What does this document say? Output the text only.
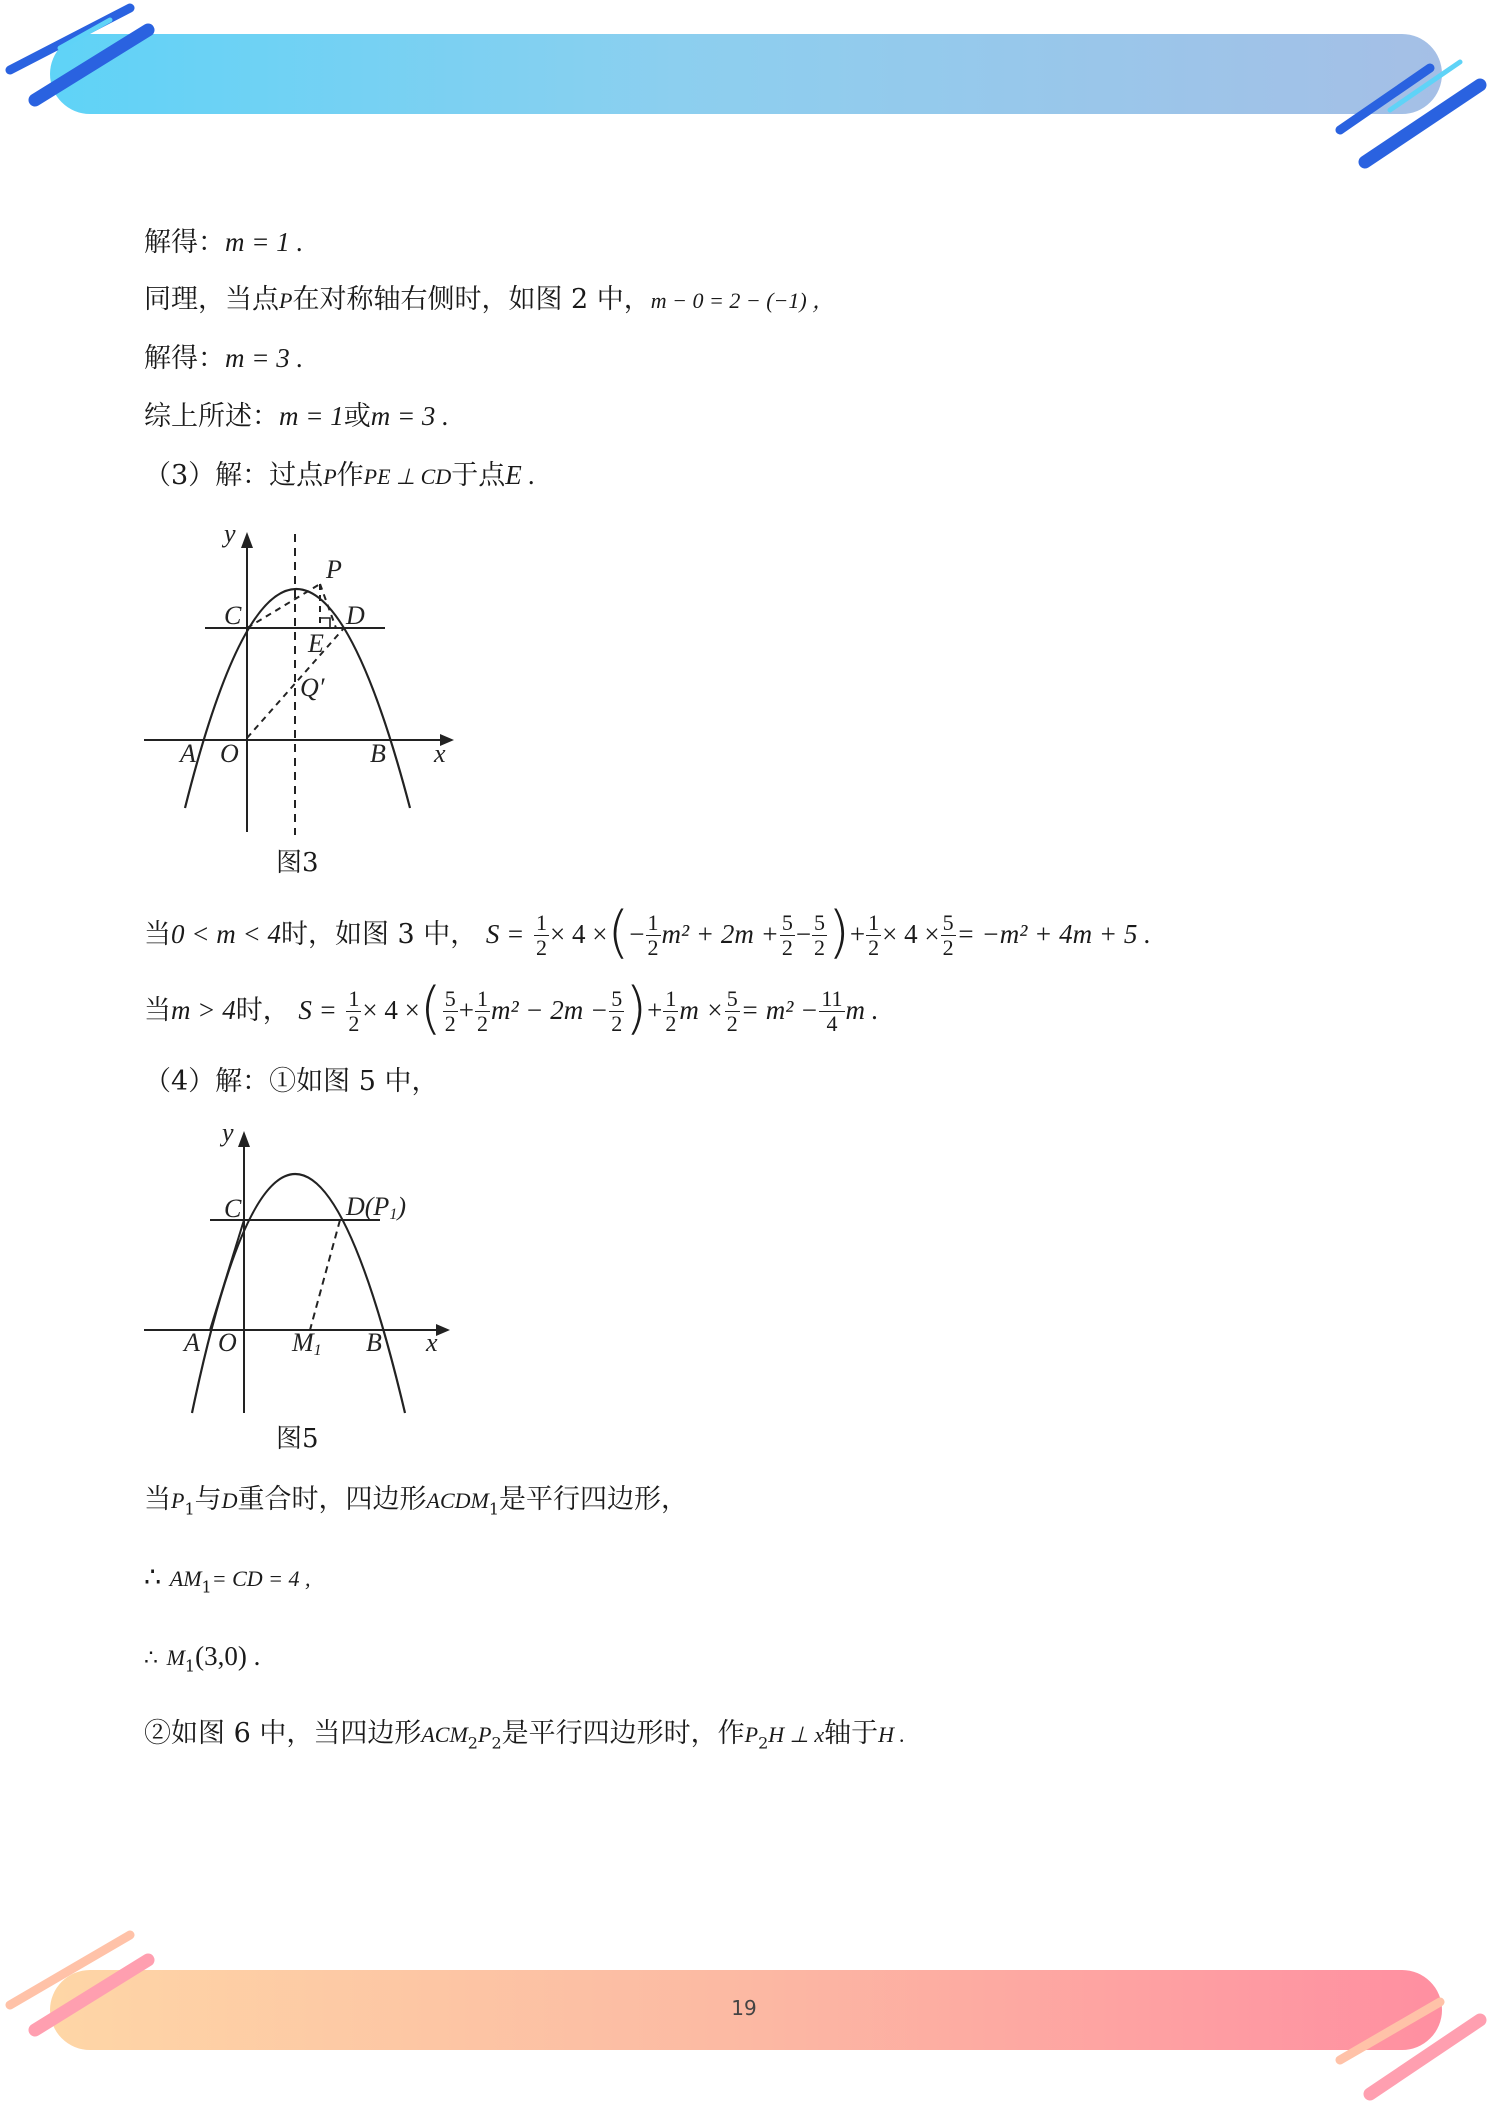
解得：m = 1 .
同理，当点P在对称轴右侧时，如图 2 中，m − 0 = 2 − (−1) ，
解得：m = 3 .
综上所述：m = 1或m = 3 .
（3）解：过点P作PE ⊥ CD于点E .
y
P
C	D
E
Q′
A O	B x
图3
当0 < m < 4时，如图 3 中， $S = \frac{1}{2} \times 4$ ×(− $\frac{1}{2} m^2 + 2m + \frac{5}{2} - \frac{5}{2}$ )+ $\frac{1}{2} \times 4 \times \frac{5}{2} = -m^2 + 4m + 5$ .
当m > 4时， $S = \frac{1}{2} \times 4$ ×( $\frac{5}{2} + \frac{1}{2} m^2 - 2m - \frac{5}{2}$ )+ $\frac{1}{2}$ $m \times \frac{5}{2} = m^2 - \frac{11}{4}$ m .
（4）解：①如图 5 中，
y
C	D(P1)
A O M1 B x
图5
当$P_1$与D重合时，四边形$ACDM_1$是平行四边形，
∴ $AM_1=$ CD = 4 ,
∴ $M_1(3,0)$ .
②如图 6 中，当四边形$ACM_2P_2$是平行四边形时，作$P_2H$ ⊥ x轴于H .
19
